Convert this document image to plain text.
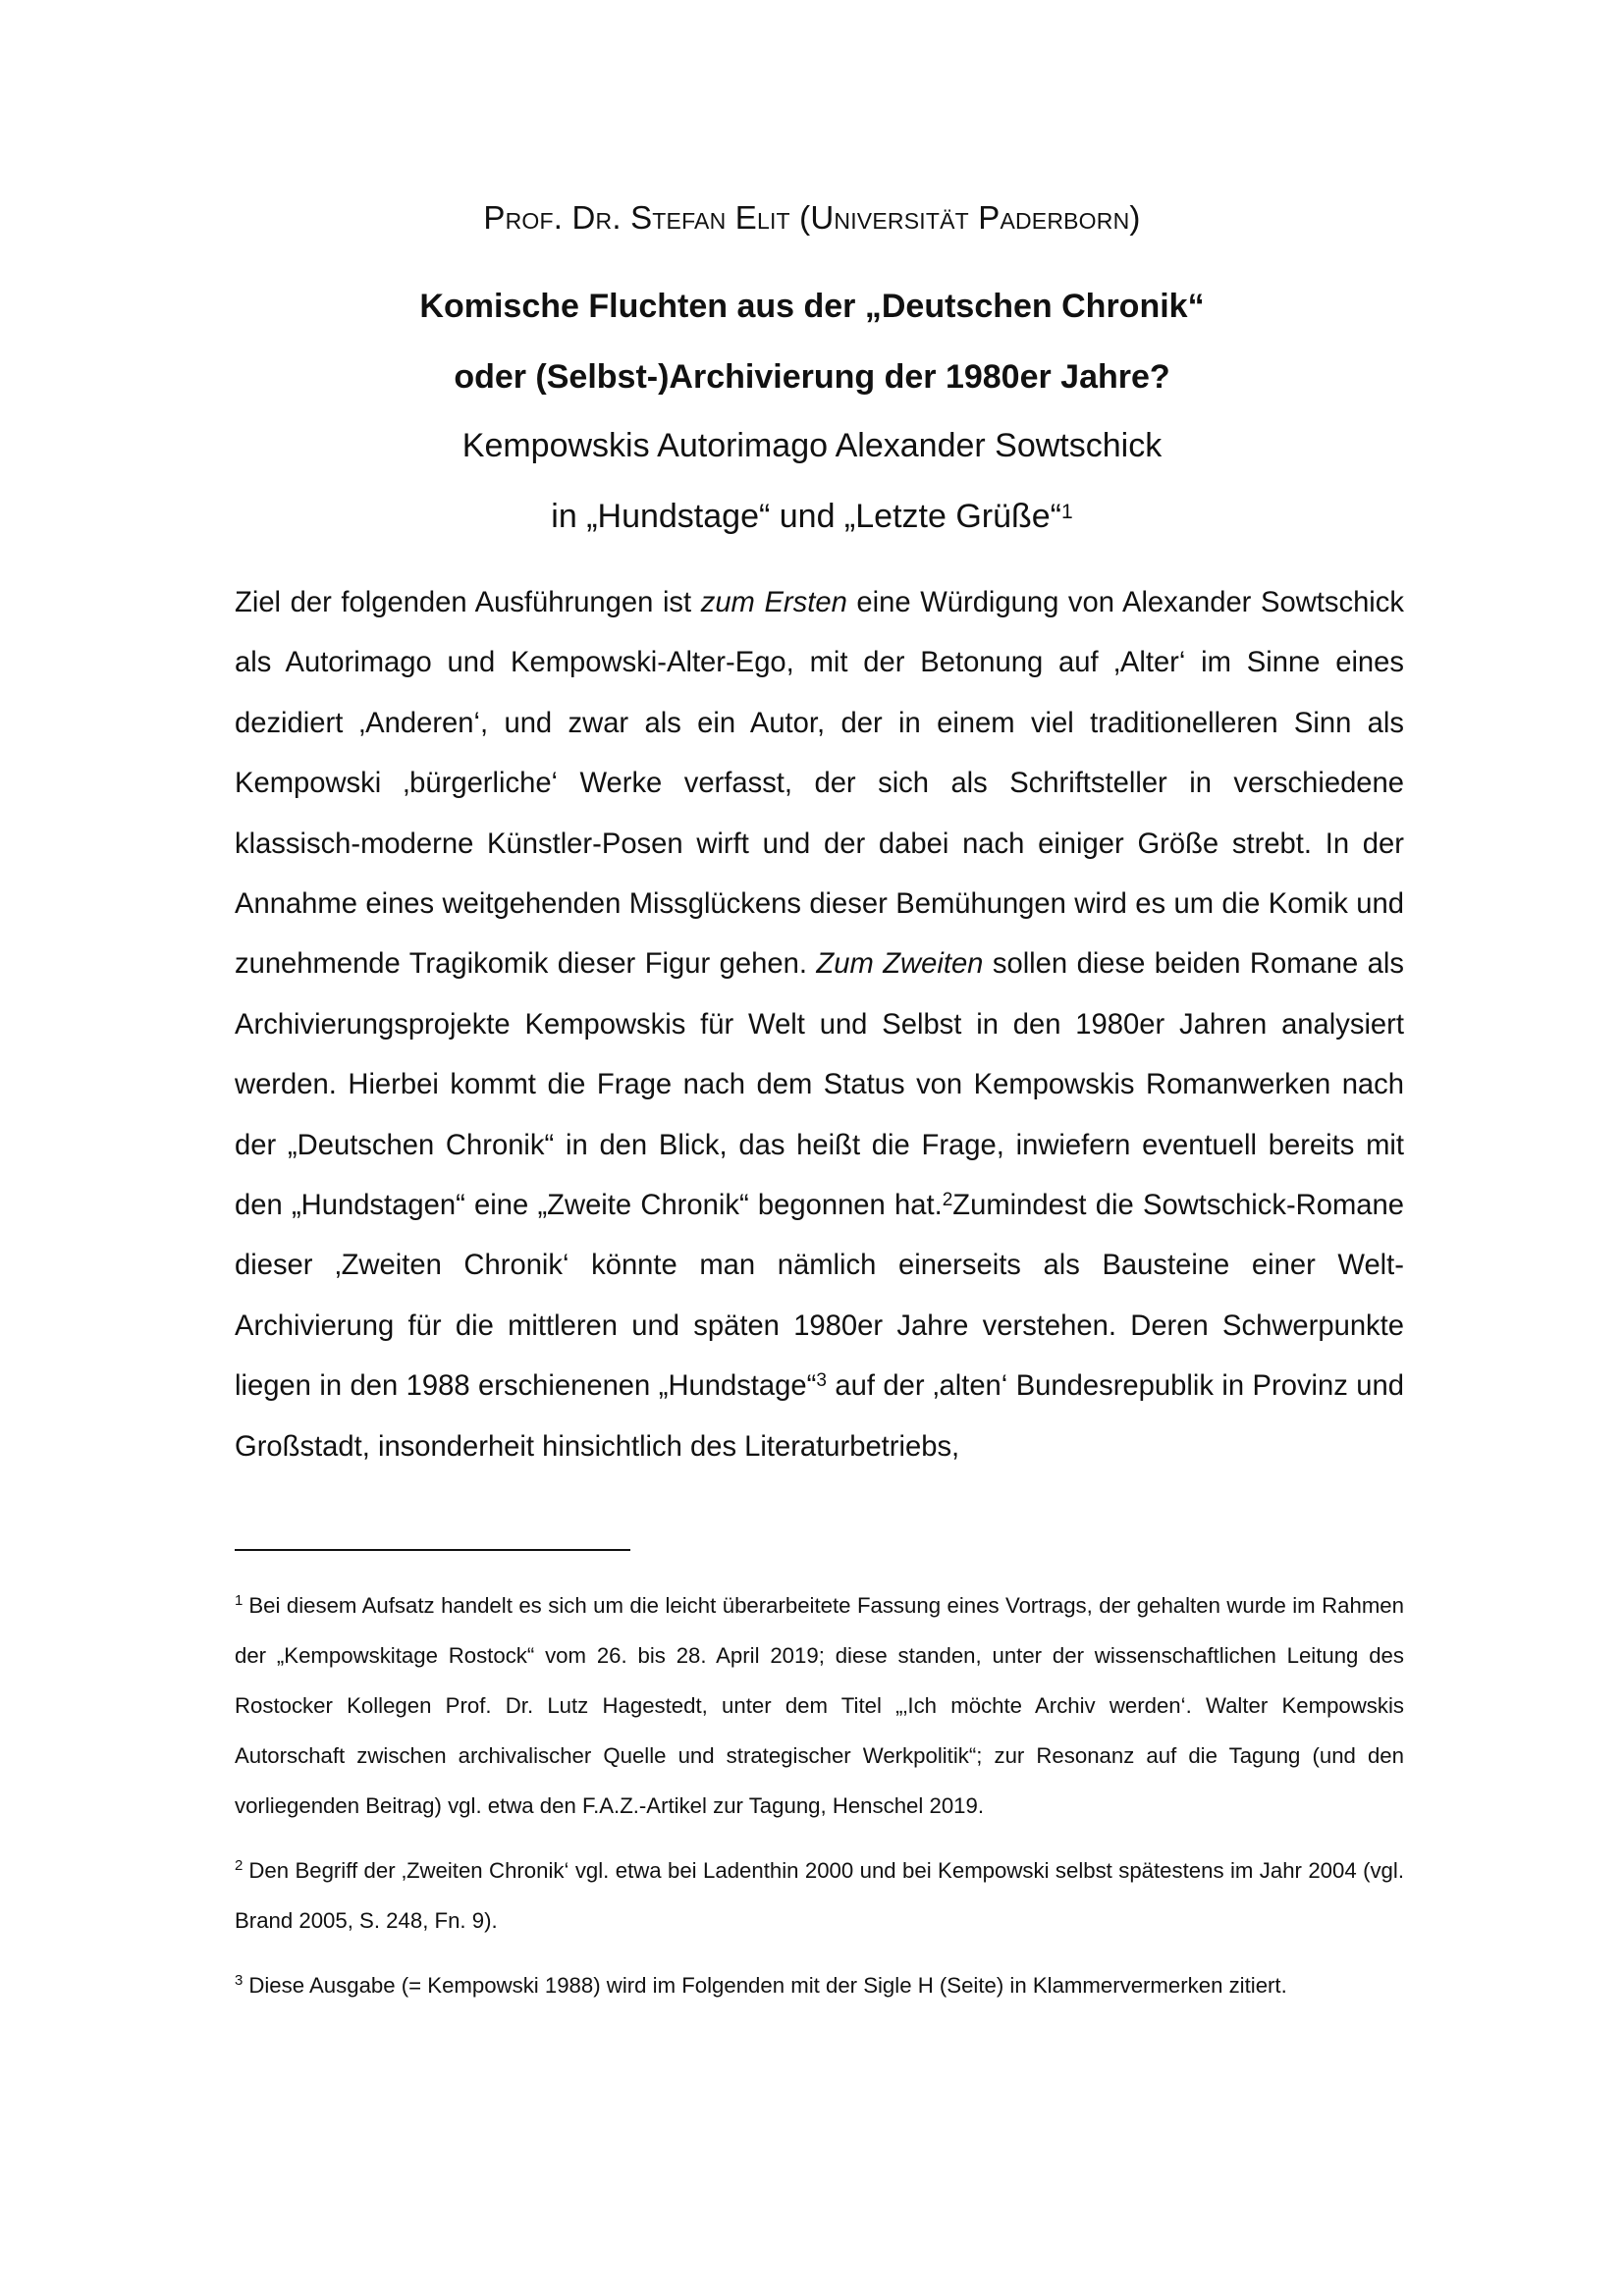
Prof. Dr. Stefan Elit (Universität Paderborn)
Komische Fluchten aus der „Deutschen Chronik“
oder (Selbst-)Archivierung der 1980er Jahre?
Kempowskis Autorimago Alexander Sowtschick
in „Hundstage“ und „Letzte Grüße“$^1$
Ziel der folgenden Ausführungen ist zum Ersten eine Würdigung von Alexander Sowtschick als Autorimago und Kempowski-Alter-Ego, mit der Betonung auf ‚Alter‘ im Sinne eines dezidiert ‚Anderen‘, und zwar als ein Autor, der in einem viel traditionelleren Sinn als Kempowski ‚bürgerliche‘ Werke verfasst, der sich als Schriftsteller in verschiedene klassisch-moderne Künstler-Posen wirft und der dabei nach einiger Größe strebt. In der Annahme eines weitgehenden Missglückens dieser Bemühungen wird es um die Komik und zunehmende Tragikomik dieser Figur gehen. Zum Zweiten sollen diese beiden Romane als Archivierungsprojekte Kempowskis für Welt und Selbst in den 1980er Jahren analysiert werden. Hierbei kommt die Frage nach dem Status von Kempowskis Romanwerken nach der „Deutschen Chronik“ in den Blick, das heißt die Frage, inwiefern eventuell bereits mit den „Hundstagen“ eine „Zweite Chronik“ begonnen hat.$^2$Zumindest die Sowtschick-Romane dieser ‚Zweiten Chronik‘ könnte man nämlich einerseits als Bausteine einer Welt-Archivierung für die mittleren und späten 1980er Jahre verstehen. Deren Schwerpunkte liegen in den 1988 erschienenen „Hundstage“$^3$ auf der ‚alten‘ Bundesrepublik in Provinz und Großstadt, insonderheit hinsichtlich des Literaturbetriebs,
$^1$ Bei diesem Aufsatz handelt es sich um die leicht überarbeitete Fassung eines Vortrags, der gehalten wurde im Rahmen der „Kempowskitage Rostock“ vom 26. bis 28. April 2019; diese standen, unter der wissenschaftlichen Leitung des Rostocker Kollegen Prof. Dr. Lutz Hagestedt, unter dem Titel „‚Ich möchte Archiv werden‘. Walter Kempowskis Autorschaft zwischen archivalischer Quelle und strategischer Werkpolitik“; zur Resonanz auf die Tagung (und den vorliegenden Beitrag) vgl. etwa den F.A.Z.-Artikel zur Tagung, Henschel 2019.
$^2$ Den Begriff der ‚Zweiten Chronik‘ vgl. etwa bei Ladenthin 2000 und bei Kempowski selbst spätestens im Jahr 2004 (vgl. Brand 2005, S. 248, Fn. 9).
$^3$ Diese Ausgabe (= Kempowski 1988) wird im Folgenden mit der Sigle H (Seite) in Klammervermerken zitiert.
